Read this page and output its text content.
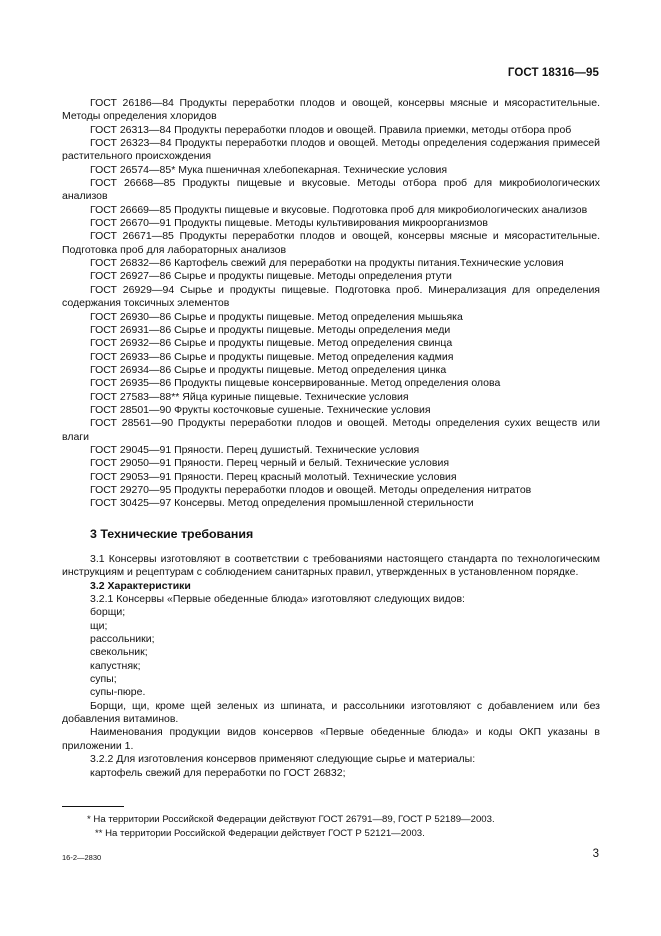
ГОСТ 18316—95

ГОСТ 26186—84 Продукты переработки плодов и овощей, консервы мясные и мясорастительные. Методы определения хлоридов

ГОСТ 26313—84 Продукты переработки плодов и овощей. Правила приемки, методы отбора проб

ГОСТ 26323—84 Продукты переработки плодов и овощей. Методы определения содержания примесей растительного происхождения

ГОСТ 26574—85* Мука пшеничная хлебопекарная. Технические условия

ГОСТ 26668—85 Продукты пищевые и вкусовые. Методы отбора проб для микробиологических анализов

ГОСТ 26669—85 Продукты пищевые и вкусовые. Подготовка проб для микробиологических анализов

ГОСТ 26670—91 Продукты пищевые. Методы культивирования микроорганизмов

ГОСТ 26671—85 Продукты переработки плодов и овощей, консервы мясные и мясорастительные. Подготовка проб для лабораторных анализов

ГОСТ 26832—86 Картофель свежий для переработки на продукты питания.Технические условия

ГОСТ 26927—86 Сырье и продукты пищевые. Методы определения ртути

ГОСТ 26929—94 Сырье и продукты пищевые. Подготовка проб. Минерализация для определения содержания токсичных элементов

ГОСТ 26930—86 Сырье и продукты пищевые. Метод определения мышьяка

ГОСТ 26931—86 Сырье и продукты пищевые. Методы определения меди

ГОСТ 26932—86 Сырье и продукты пищевые. Метод определения свинца

ГОСТ 26933—86 Сырье и продукты пищевые. Метод определения кадмия

ГОСТ 26934—86 Сырье и продукты пищевые. Метод определения цинка

ГОСТ 26935—86 Продукты пищевые консервированные. Метод определения олова

ГОСТ 27583—88** Яйца куриные пищевые. Технические условия

ГОСТ 28501—90 Фрукты косточковые сушеные. Технические условия

ГОСТ 28561—90 Продукты переработки плодов и овощей. Методы определения сухих веществ или влаги

ГОСТ 29045—91 Пряности. Перец душистый. Технические условия

ГОСТ 29050—91 Пряности. Перец черный и белый. Технические условия

ГОСТ 29053—91 Пряности. Перец красный молотый. Технические условия

ГОСТ 29270—95 Продукты переработки плодов и овощей. Методы определения нитратов

ГОСТ 30425—97 Консервы. Метод определения промышленной стерильности

3 Технические требования

3.1 Консервы изготовляют в соответствии с требованиями настоящего стандарта по технологическим инструкциям и рецептурам с соблюдением санитарных правил, утвержденных в установленном порядке.

3.2 Характеристики

3.2.1 Консервы «Первые обеденные блюда» изготовляют следующих видов:

борщи;

щи;

рассольники;

свекольник;

капустняк;

супы;

супы-пюре.

Борщи, щи, кроме щей зеленых из шпината, и рассольники изготовляют с добавлением или без добавления витаминов.

Наименования продукции видов консервов «Первые обеденные блюда» и коды ОКП указаны в приложении 1.

3.2.2 Для изготовления консервов применяют следующие сырье и материалы:

картофель свежий для переработки по ГОСТ 26832;

* На территории Российской Федерации действуют ГОСТ 26791—89, ГОСТ Р 52189—2003.

** На территории Российской Федерации действует ГОСТ Р 52121—2003.

16-2—2830	3
